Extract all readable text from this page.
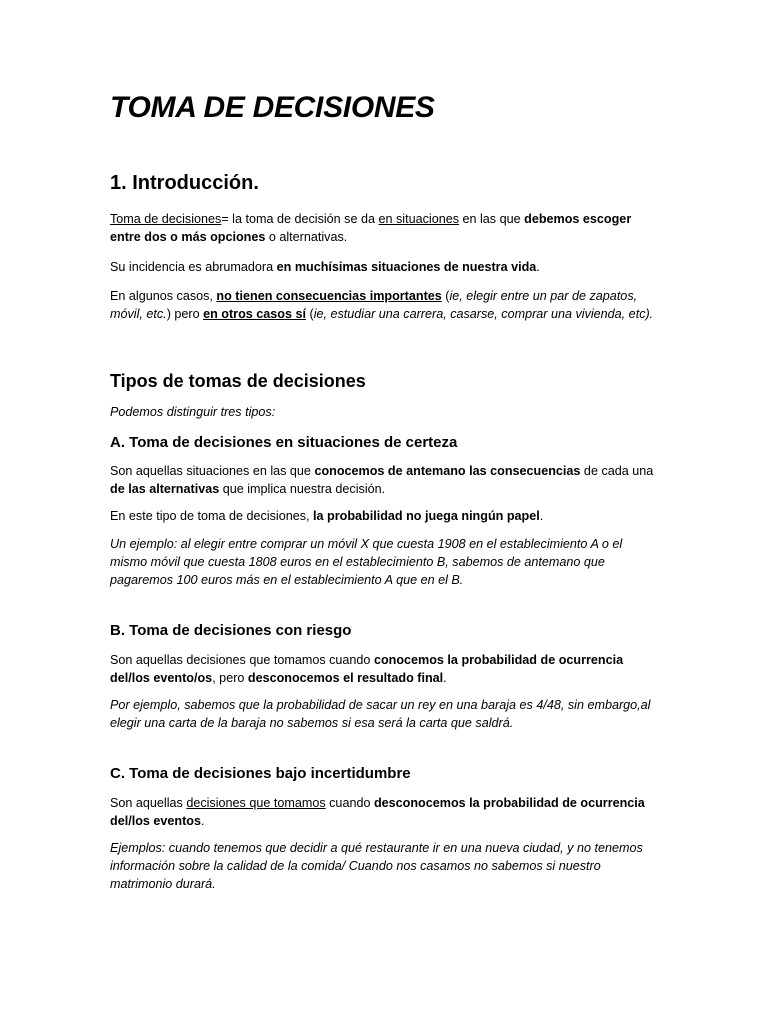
TOMA DE DECISIONES
1. Introducción.

Toma de decisiones= la toma de decisión se da en situaciones en las que debemos escoger entre dos o más opciones o alternativas.

Su incidencia es abrumadora en muchísimas situaciones de nuestra vida.

En algunos casos, no tienen consecuencias importantes (ie, elegir entre un par de zapatos, móvil, etc.) pero en otros casos sí (ie, estudiar una carrera, casarse, comprar una vivienda, etc).

Tipos de tomas de decisiones

Podemos distinguir tres tipos:

A. Toma de decisiones en situaciones de certeza

Son aquellas situaciones en las que conocemos de antemano las consecuencias de cada una de las alternativas que implica nuestra decisión.

En este tipo de toma de decisiones, la probabilidad no juega ningún papel.

Un ejemplo: al elegir entre comprar un móvil X que cuesta 1908 en el establecimiento A o el mismo móvil que cuesta 1808 euros en el establecimiento B, sabemos de antemano que pagaremos 100 euros más en el establecimiento A que en el B.

B. Toma de decisiones con riesgo

Son aquellas decisiones que tomamos cuando conocemos la probabilidad de ocurrencia del/los evento/os, pero desconocemos el resultado final.

Por ejemplo, sabemos que la probabilidad de sacar un rey en una baraja es 4/48, sin embargo,al elegir una carta de la baraja no sabemos si esa será la carta que saldrá.

C. Toma de decisiones bajo incertidumbre

Son aquellas decisiones que tomamos cuando desconocemos la probabilidad de ocurrencia del/los eventos.

Ejemplos: cuando tenemos que decidir a qué restaurante ir en una nueva ciudad, y no tenemos información sobre la calidad de la comida/ Cuando nos casamos no sabemos si nuestro matrimonio durará.
